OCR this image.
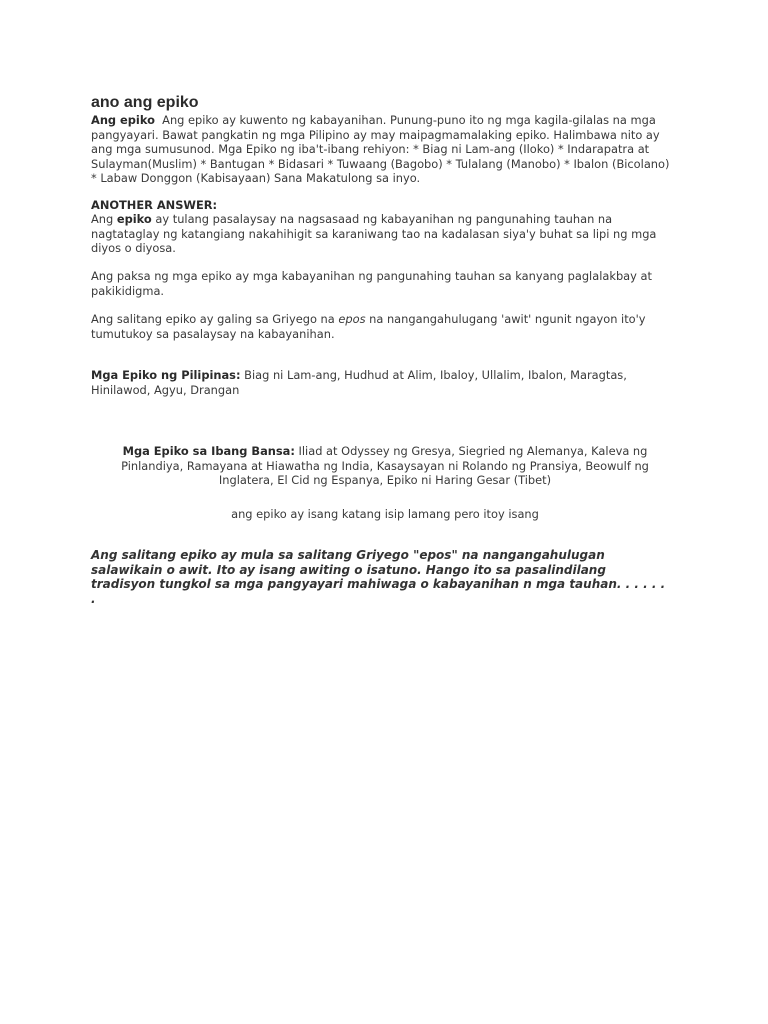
ano ang epiko

Ang epiko Ang epiko ay kuwento ng kabayanihan. Punung-puno ito ng mga kagila-gilalas na mga pangyayari. Bawat pangkatin ng mga Pilipino ay may maipagmamalaking epiko. Halimbawa nito ay ang mga sumusunod. Mga Epiko ng iba't-ibang rehiyon: * Biag ni Lam-ang (Iloko) * Indarapatra at Sulayman(Muslim) * Bantugan * Bidasari * Tuwaang (Bagobo) * Tulalang (Manobo) * Ibalon (Bicolano) * Labaw Donggon (Kabisayaan) Sana Makatulong sa inyo.

ANOTHER ANSWER:

Ang epiko ay tulang pasalaysay na nagsasaad ng kabayanihan ng pangunahing tauhan na nagtataglay ng katangiang nakahihigit sa karaniwang tao na kadalasan siya'y buhat sa lipi ng mga diyos o diyosa.

Ang paksa ng mga epiko ay mga kabayanihan ng pangunahing tauhan sa kanyang paglalakbay at pakikidigma.

Ang salitang epiko ay galing sa Griyego na epos na nangangahulugang 'awit' ngunit ngayon ito'y tumutukoy sa pasalaysay na kabayanihan.

Mga Epiko ng Pilipinas: Biag ni Lam-ang, Hudhud at Alim, Ibaloy, Ullalim, Ibalon, Maragtas, Hinilawod, Agyu, Drangan

Mga Epiko sa Ibang Bansa: Iliad at Odyssey ng Gresya, Siegried ng Alemanya, Kaleva ng Pinlandiya, Ramayana at Hiawatha ng India, Kasaysayan ni Rolando ng Pransiya, Beowulf ng Inglatera, El Cid ng Espanya, Epiko ni Haring Gesar (Tibet)

ang epiko ay isang katang isip lamang pero itoy isang

Ang salitang epiko ay mula sa salitang Griyego "epos" na nangangahulugan salawikain o awit. Ito ay isang awiting o isatuno. Hango ito sa pasalindilang tradisyon tungkol sa mga pangyayari mahiwaga o kabayanihan n mga tauhan. . . . . . .
